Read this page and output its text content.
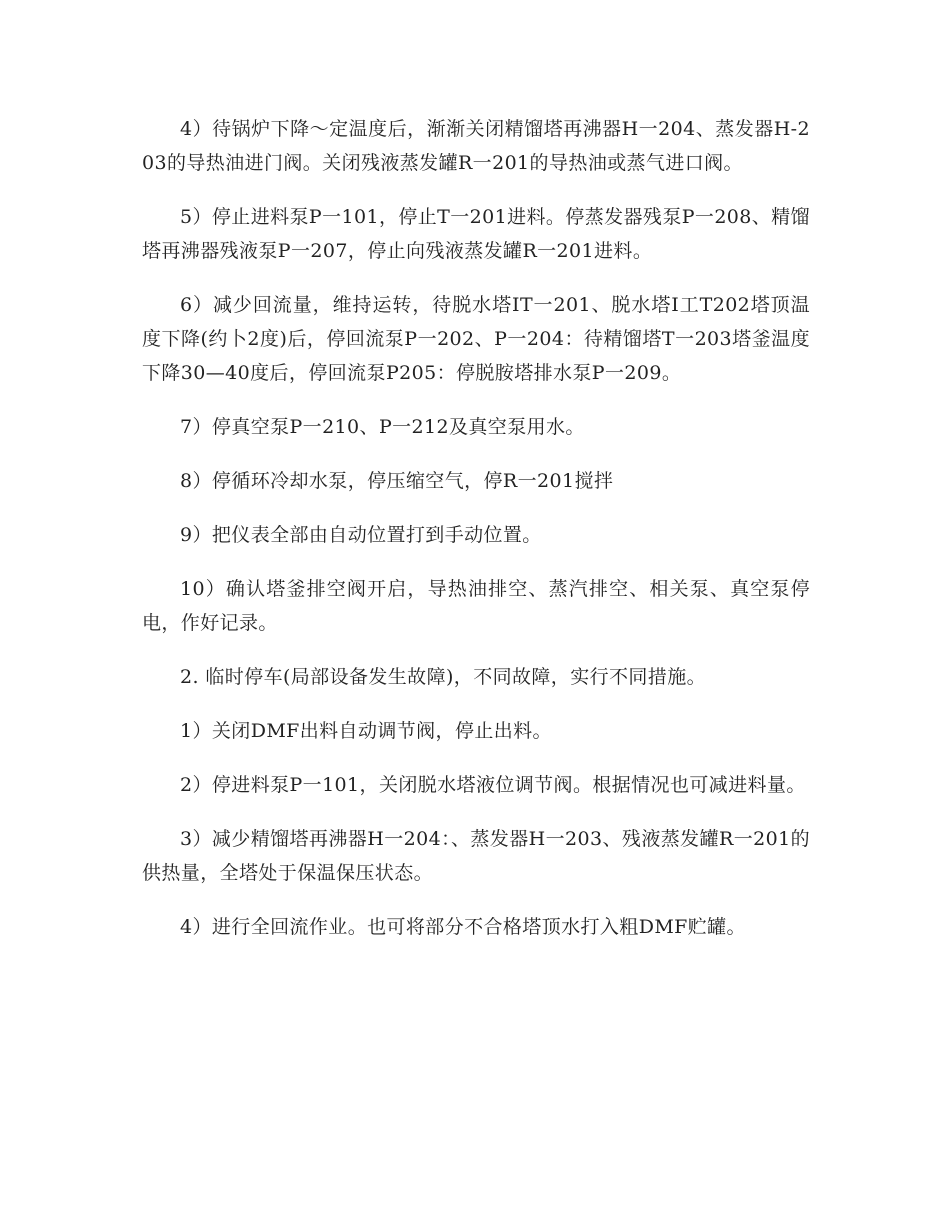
4）待锅炉下降～定温度后，渐渐关闭精馏塔再沸器H一204、蒸发器H-203的导热油进门阀。关闭残液蒸发罐R一201的导热油或蒸气进口阀。

5）停止进料泵P一101，停止T一201进料。停蒸发器残泵P一208、精馏塔再沸器残液泵P一207，停止向残液蒸发罐R一201进料。

6）减少回流量，维持运转，待脱水塔IT一201、脱水塔I工T202塔顶温度下降(约卜2度)后，停回流泵P一202、P一204：待精馏塔T一203塔釜温度下降30—40度后，停回流泵P205：停脱胺塔排水泵P一209。

7）停真空泵P一210、P一212及真空泵用水。

8）停循环冷却水泵，停压缩空气，停R一201搅拌

9）把仪表全部由自动位置打到手动位置。

10）确认塔釜排空阀开启，导热油排空、蒸汽排空、相关泵、真空泵停电，作好记录。

2. 临时停车(局部设备发生故障)，不同故障，实行不同措施。

1）关闭DMF出料自动调节阀，停止出料。

2）停进料泵P一101，关闭脱水塔液位调节阀。根据情况也可减进料量。

3）减少精馏塔再沸器H一204：、蒸发器H一203、残液蒸发罐R一201的供热量，全塔处于保温保压状态。

4）进行全回流作业。也可将部分不合格塔顶水打入粗DMF贮罐。
